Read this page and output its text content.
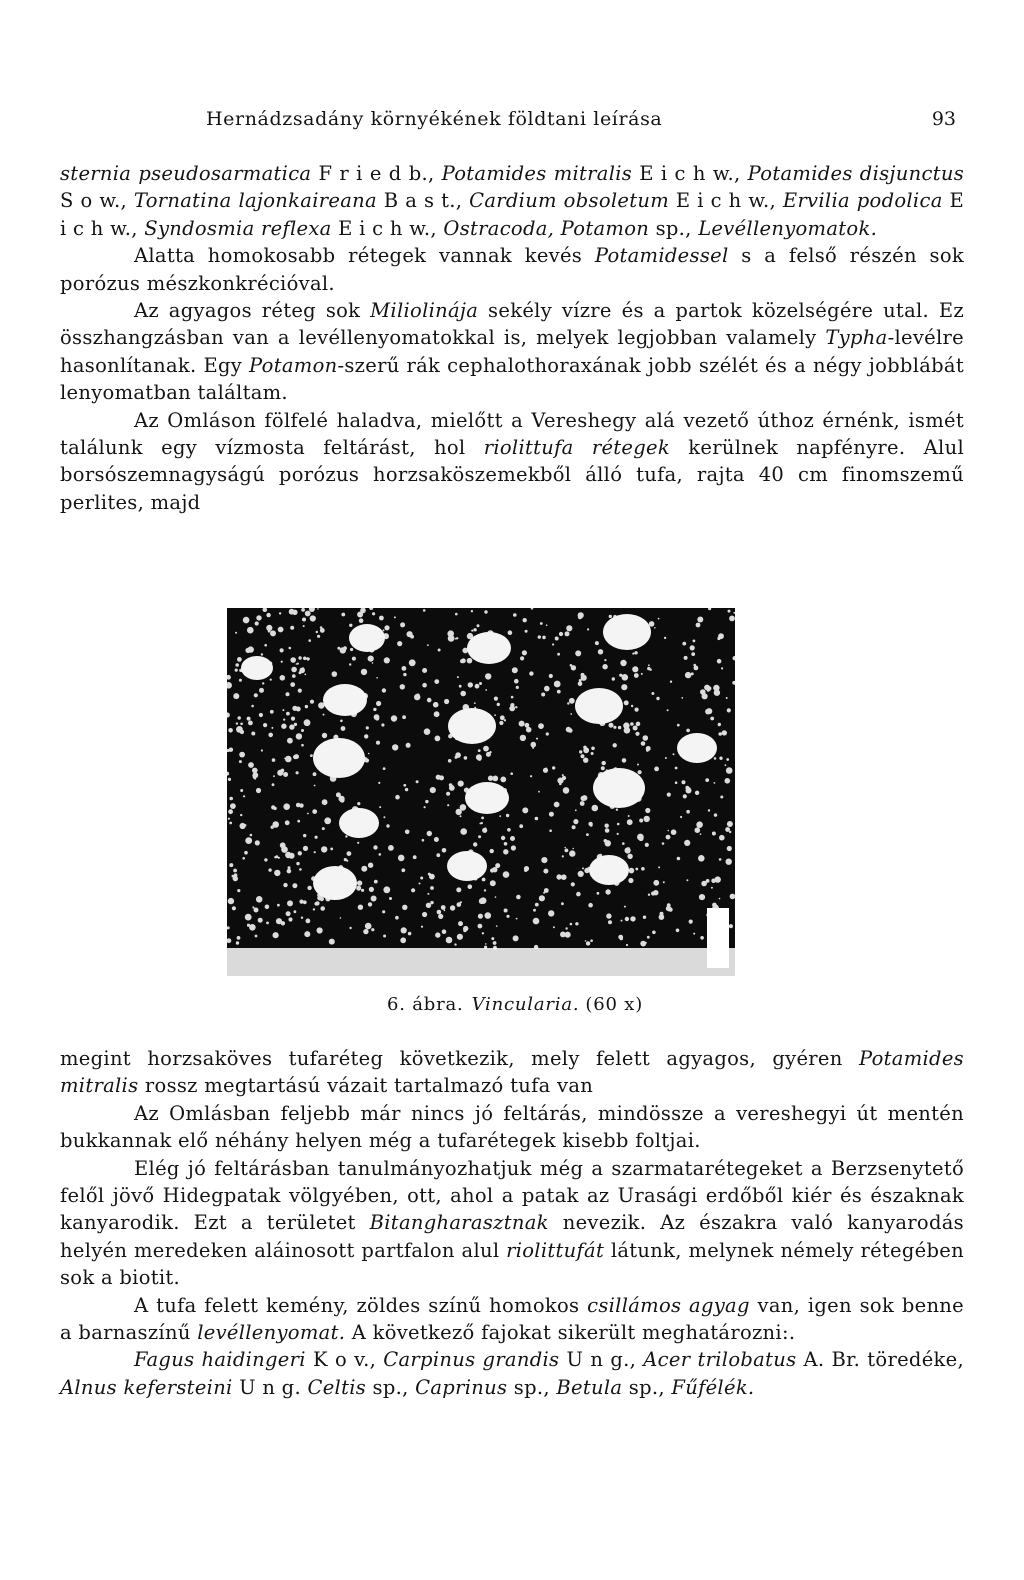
Hernádzsadány környékének földtani leírása	93

sternia pseudosarmatica F r i e d b., Potamides mitralis E i c h w., Potamides disjunctus S o w., Tornatina lajonkaireana B a s t., Cardium obsoletum E i c h w., Ervilia podolica E i c h w., Syndosmia reflexa E i c h w., Ostracoda, Potamon sp., Levéllenyomatok.

Alatta homokosabb rétegek vannak kevés Potamidessel s a felső részén sok porózus mészkonkrécióval.

Az agyagos réteg sok Miliolinája sekély vízre és a partok közelségére utal. Ez összhangzásban van a levéllenyomatokkal is, melyek legjobban valamely Typha-levélre hasonlítanak. Egy Potamon-szerű rák cephalothoraxának jobb szélét és a négy jobblábát lenyomatban találtam.

Az Omláson fölfelé haladva, mielőtt a Vereshegy alá vezető úthoz érnénk, ismét találunk egy vízmosta feltárást, hol riolittufa rétegek kerülnek napfényre. Alul borsószemnagyságú porózus horzsaköszemekből álló tufa, rajta 40 cm finomszemű perlites, majd

6. ábra. Vincularia. (60 x)

megint horzsaköves tufaréteg következik, mely felett agyagos, gyéren Potamides mitralis rossz megtartású vázait tartalmazó tufa van

Az Omlásban feljebb már nincs jó feltárás, mindössze a vereshegyi út mentén bukkannak elő néhány helyen még a tufarétegek kisebb foltjai.

Elég jó feltárásban tanulmányozhatjuk még a szarmatarétegeket a Berzsenytető felől jövő Hidegpatak völgyében, ott, ahol a patak az Urasági erdőből kiér és északnak kanyarodik. Ezt a területet Bitangharasztnak nevezik. Az északra való kanyarodás helyén meredeken aláinosott partfalon alul riolittufát látunk, melynek némely rétegében sok a biotit.

A tufa felett kemény, zöldes színű homokos csillámos agyag van, igen sok benne a barnaszínű levéllenyomat. A következő fajokat sikerült meghatározni:.

Fagus haidingeri K o v., Carpinus grandis U n g., Acer trilobatus A. Br. töredéke, Alnus kefersteini U n g. Celtis sp., Caprinus sp., Betula sp., Fűfélék.
